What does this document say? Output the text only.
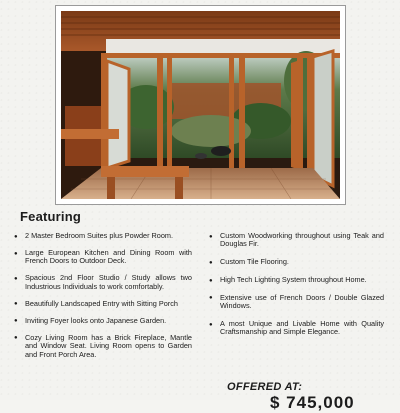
Featuring
● 2 Master Bedroom Suites plus Powder Room.
● Large European Kitchen and Dining Room with French Doors to Outdoor Deck.
● Spacious 2nd Floor Studio / Study allows two Industrious Individuals to work comfortably.
● Beautifully Landscaped Entry with Sitting Porch
● Inviting Foyer looks onto Japanese Garden.
● Cozy Living Room has a Brick Fireplace, Mantle and Window Seat. Living Room opens to Garden and Front Porch Area.
● Custom Woodworking throughout using Teak and Douglas Fir.
● Custom Tile Flooring.
● High Tech Lighting System throughout Home.
● Extensive use of French Doors / Double Glazed Windows.
● A most Unique and Livable Home with Quality Craftsmanship and Simple Elegance.
OFFERED AT:
$ 745,000
